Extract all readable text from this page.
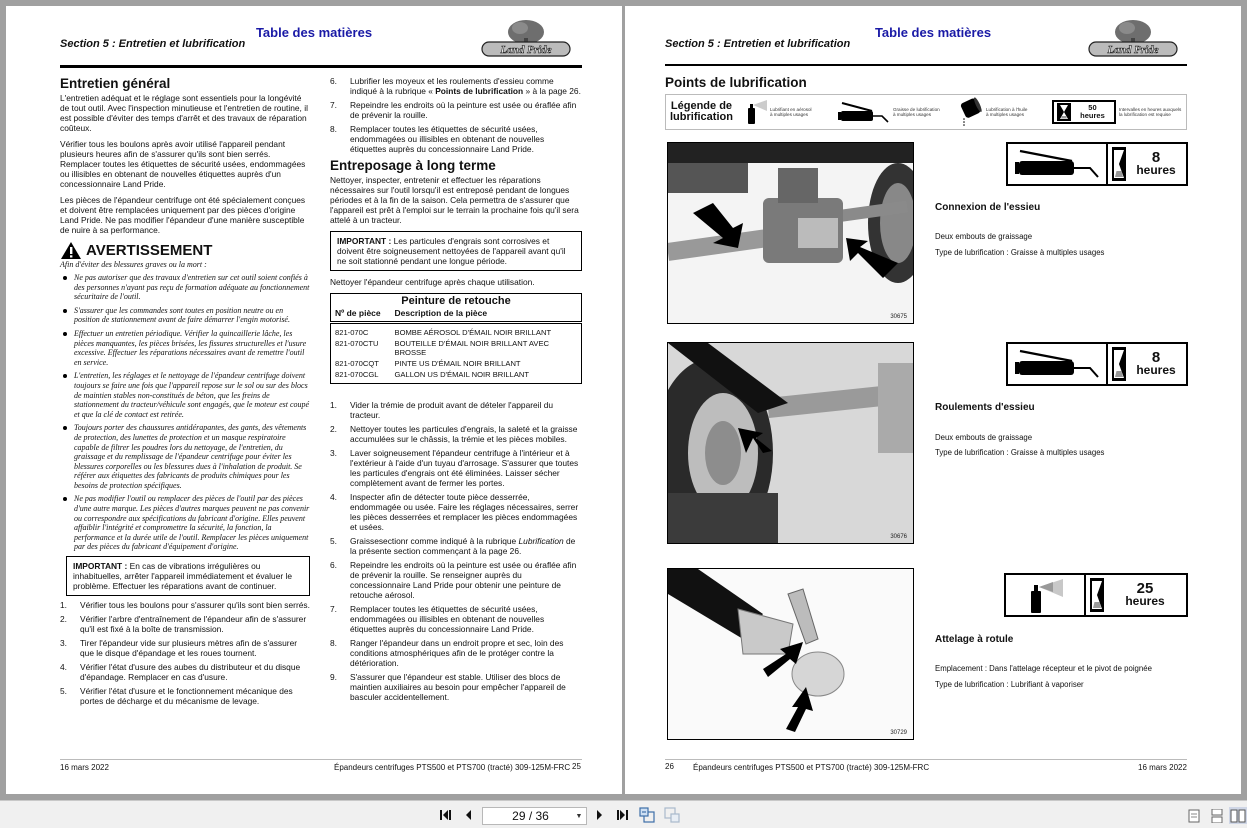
Table des matières
Section 5 : Entretien et lubrification	Land Pride
Entretien général

L'entretien adéquat et le réglage sont essentiels pour la longévité de tout outil. Avec l'inspection minutieuse et l'entretien de routine, il est possible d'éviter des temps d'arrêt et des travaux de réparation coûteux.

Vérifier tous les boulons après avoir utilisé l'appareil pendant plusieurs heures afin de s'assurer qu'ils sont bien serrés. Remplacer toutes les étiquettes de sécurité usées, endommagées ou illisibles en obtenant de nouvelles étiquettes auprès d'un concessionnaire Land Pride.

Les pièces de l'épandeur centrifuge ont été spécialement conçues et doivent être remplacées uniquement par des pièces d'origine Land Pride. Ne pas modifier l'épandeur d'une manière susceptible de nuire à sa performance.

AVERTISSEMENT
Afin d'éviter des blessures graves ou la mort :
Ne pas autoriser que des travaux d'entretien sur cet outil soient confiés à des personnes n'ayant pas reçu de formation adéquate au fonctionnement sécuritaire de l'outil.
S'assurer que les commandes sont toutes en position neutre ou en position de stationnement avant de faire démarrer l'engin motorisé.
Effectuer un entretien périodique. Vérifier la quincaillerie lâche, les pièces manquantes, les pièces brisées, les fissures structurelles et l'usure excessive. Effectuer les réparations nécessaires avant de remettre l'outil en service.
L'entretien, les réglages et le nettoyage de l'épandeur centrifuge doivent toujours se faire une fois que l'appareil repose sur le sol ou sur des blocs de maintien stables non-constitués de béton, que les freins de stationnement du tracteur/véhicule sont engagés, que le moteur est coupé et que la clé de contact est retirée.
Toujours porter des chaussures antidérapantes, des gants, des vêtements de protection, des lunettes de protection et un masque respiratoire capable de filtrer les poudres lors du nettoyage, de l'entretien, du graissage et du remplissage de l'épandeur centrifuge pour éviter les blessures corporelles ou les blessures dues à l'inhalation de produit. Se référer aux étiquettes des fabricants de produits chimiques pour les besoins de protection spécifiques.
Ne pas modifier l'outil ou remplacer des pièces de l'outil par des pièces d'une autre marque. Les pièces d'autres marques peuvent ne pas convenir ou correspondre aux spécifications du fabricant d'origine. Elles peuvent affaiblir l'intégrité et compromettre la sécurité, la fonction, la performance et la durée utile de l'outil. Remplacer les pièces uniquement par des pièces du fabricant d'équipement d'origine.
IMPORTANT : En cas de vibrations irrégulières ou inhabituelles, arrêter l'appareil immédiatement et évaluer le problème. Effectuer les réparations avant de continuer.
1. Vérifier tous les boulons pour s'assurer qu'ils sont bien serrés.
2. Vérifier l'arbre d'entraînement de l'épandeur afin de s'assurer qu'il est fixé à la boîte de transmission.
3. Tirer l'épandeur vide sur plusieurs mètres afin de s'assurer que le disque d'épandage et les roues tournent.
4. Vérifier l'état d'usure des aubes du distributeur et du disque d'épandage. Remplacer en cas d'usure.
5. Vérifier l'état d'usure et le fonctionnement mécanique des portes de décharge et du mécanisme de levage.
6. Lubrifier les moyeux et les roulements d'essieu comme indiqué à la rubrique « Points de lubrification » à la page 26.
7. Repeindre les endroits où la peinture est usée ou éraflée afin de prévenir la rouille.
8. Remplacer toutes les étiquettes de sécurité usées, endommagées ou illisibles en obtenant de nouvelles étiquettes auprès du concessionnaire Land Pride.
Entreposage à long terme

Nettoyer, inspecter, entretenir et effectuer les réparations nécessaires sur l'outil lorsqu'il est entreposé pendant de longues périodes et à la fin de la saison. Cela permettra de s'assurer que l'appareil est prêt à l'emploi sur le terrain la prochaine fois qu'il sera attelé à un tracteur.

IMPORTANT : Les particules d'engrais sont corrosives et doivent être soigneusement nettoyées de l'appareil avant qu'il ne soit stationné pendant une longue période.

Nettoyer l'épandeur centrifuge après chaque utilisation.

Peinture de retouche	
Nº de pièce	Description de la pièce
821-070C	BOMBE AÉROSOL D'ÉMAIL NOIR BRILLANT
821-070CTU	BOUTEILLE D'ÉMAIL NOIR BRILLANT AVEC BROSSE
821-070CQT	PINTE US D'ÉMAIL NOIR BRILLANT
821-070CGL	GALLON US D'ÉMAIL NOIR BRILLANT
1. Vider la trémie de produit avant de dételer l'appareil du tracteur.
2. Nettoyer toutes les particules d'engrais, la saleté et la graisse accumulées sur le châssis, la trémie et les pièces mobiles.
3. Laver soigneusement l'épandeur centrifuge à l'intérieur et à l'extérieur à l'aide d'un tuyau d'arrosage. S'assurer que toutes les particules d'engrais ont été éliminées. Laisser sécher complètement avant de fermer les portes.
4. Inspecter afin de détecter toute pièce desserrée, endommagée ou usée. Faire les réglages nécessaires, serrer les pièces desserrées et remplacer les pièces endommagées et usées.
5. Graissesectionr comme indiqué à la rubrique Lubrification de la présente section commençant à la page 26.
6. Repeindre les endroits où la peinture est usée ou éraflée afin de prévenir la rouille. Se renseigner auprès du concessionnaire Land Pride pour obtenir une peinture de retouche aérosol.
7. Remplacer toutes les étiquettes de sécurité usées, endommagées ou illisibles en obtenant de nouvelles étiquettes auprès du concessionnaire Land Pride.
8. Ranger l'épandeur dans un endroit propre et sec, loin des conditions atmosphériques afin de le protéger contre la détérioration.
9. S'assurer que l'épandeur est stable. Utiliser des blocs de maintien auxiliaires au besoin pour empêcher l'appareil de basculer accidentellement.
16 mars 2022	Épandeurs centrifuges PTS500 et PTS700 (tracté) 309-125M-FRC 25
Table des matières
Section 5 : Entretien et lubrification	Land Pride
Points de lubrification
Légende de
lubrification
Lubrifiant en aérosol
à multiples usages
Graisse de lubrification
à multiples usages
Lubrification à l'huile
à multiples usages
50
heures
Intervalles en heures auxquels
la lubrification est requise
30675
8
heures
Connexion de l'essieu
Deux embouts de graissage
Type de lubrification : Graisse à multiples usages
30676
8
heures
Roulements d'essieu
Deux embouts de graissage
Type de lubrification : Graisse à multiples usages
30729
25
heures
Attelage à rotule
Emplacement : Dans l'attelage récepteur et le pivot de poignée
Type de lubrification : Lubrifiant à vaporiser
26 Épandeurs centrifuges PTS500 et PTS700 (tracté) 309-125M-FRC	16 mars 2022
29 / 36	▼
